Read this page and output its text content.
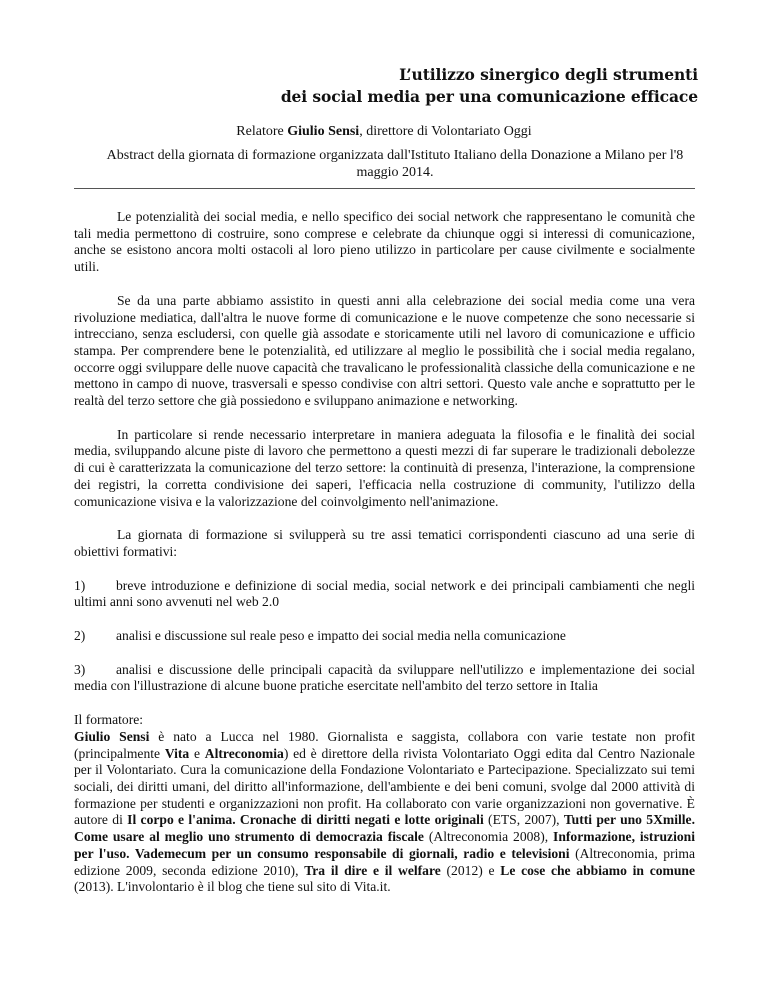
L’utilizzo sinergico degli strumenti
dei social media per una comunicazione efficace
Relatore Giulio Sensi, direttore di Volontariato Oggi
Abstract della giornata di formazione organizzata dall'Istituto Italiano della Donazione a Milano per l'8 maggio 2014.

Le potenzialità dei social media, e nello specifico dei social network che rappresentano le comunità che tali media permettono di costruire, sono comprese e celebrate da chiunque oggi si interessi di comunicazione, anche se esistono ancora molti ostacoli al loro pieno utilizzo in particolare per cause civilmente e socialmente utili.

Se da una parte abbiamo assistito in questi anni alla celebrazione dei social media come una vera rivoluzione mediatica, dall'altra le nuove forme di comunicazione e le nuove competenze che sono necessarie si intrecciano, senza escludersi, con quelle già assodate e storicamente utili nel lavoro di comunicazione e ufficio stampa. Per comprendere bene le potenzialità, ed utilizzare al meglio le possibilità che i social media regalano, occorre oggi sviluppare delle nuove capacità che travalicano le professionalità classiche della comunicazione e ne mettono in campo di nuove, trasversali e spesso condivise con altri settori. Questo vale anche e soprattutto per le realtà del terzo settore che già possiedono e sviluppano animazione e networking.

In particolare si rende necessario interpretare in maniera adeguata la filosofia e le finalità dei social media, sviluppando alcune piste di lavoro che permettono a questi mezzi di far superare le tradizionali debolezze di cui è caratterizzata la comunicazione del terzo settore: la continuità di presenza, l'interazione, la comprensione dei registri, la corretta condivisione dei saperi, l'efficacia nella costruzione di community, l'utilizzo della comunicazione visiva e la valorizzazione del coinvolgimento nell'animazione.

La giornata di formazione si svilupperà su tre assi tematici corrispondenti ciascuno ad una serie di obiettivi formativi:

1) breve introduzione e definizione di social media, social network e dei principali cambiamenti che negli ultimi anni sono avvenuti nel web 2.0
2) analisi e discussione sul reale peso e impatto dei social media nella comunicazione
3) analisi e discussione delle principali capacità da sviluppare nell'utilizzo e implementazione dei social media con l'illustrazione di alcune buone pratiche esercitate nell'ambito del terzo settore in Italia
Il formatore:

Giulio Sensi è nato a Lucca nel 1980. Giornalista e saggista, collabora con varie testate non profit (principalmente Vita e Altreconomia) ed è direttore della rivista Volontariato Oggi edita dal Centro Nazionale per il Volontariato. Cura la comunicazione della Fondazione Volontariato e Partecipazione. Specializzato sui temi sociali, dei diritti umani, del diritto all'informazione, dell'ambiente e dei beni comuni, svolge dal 2000 attività di formazione per studenti e organizzazioni non profit. Ha collaborato con varie organizzazioni non governative. È autore di Il corpo e l'anima. Cronache di diritti negati e lotte originali (ETS, 2007), Tutti per uno 5Xmille. Come usare al meglio uno strumento di democrazia fiscale (Altreconomia 2008), Informazione, istruzioni per l'uso. Vademecum per un consumo responsabile di giornali, radio e televisioni (Altreconomia, prima edizione 2009, seconda edizione 2010), Tra il dire e il welfare (2012) e Le cose che abbiamo in comune (2013). L'involontario è il blog che tiene sul sito di Vita.it.
